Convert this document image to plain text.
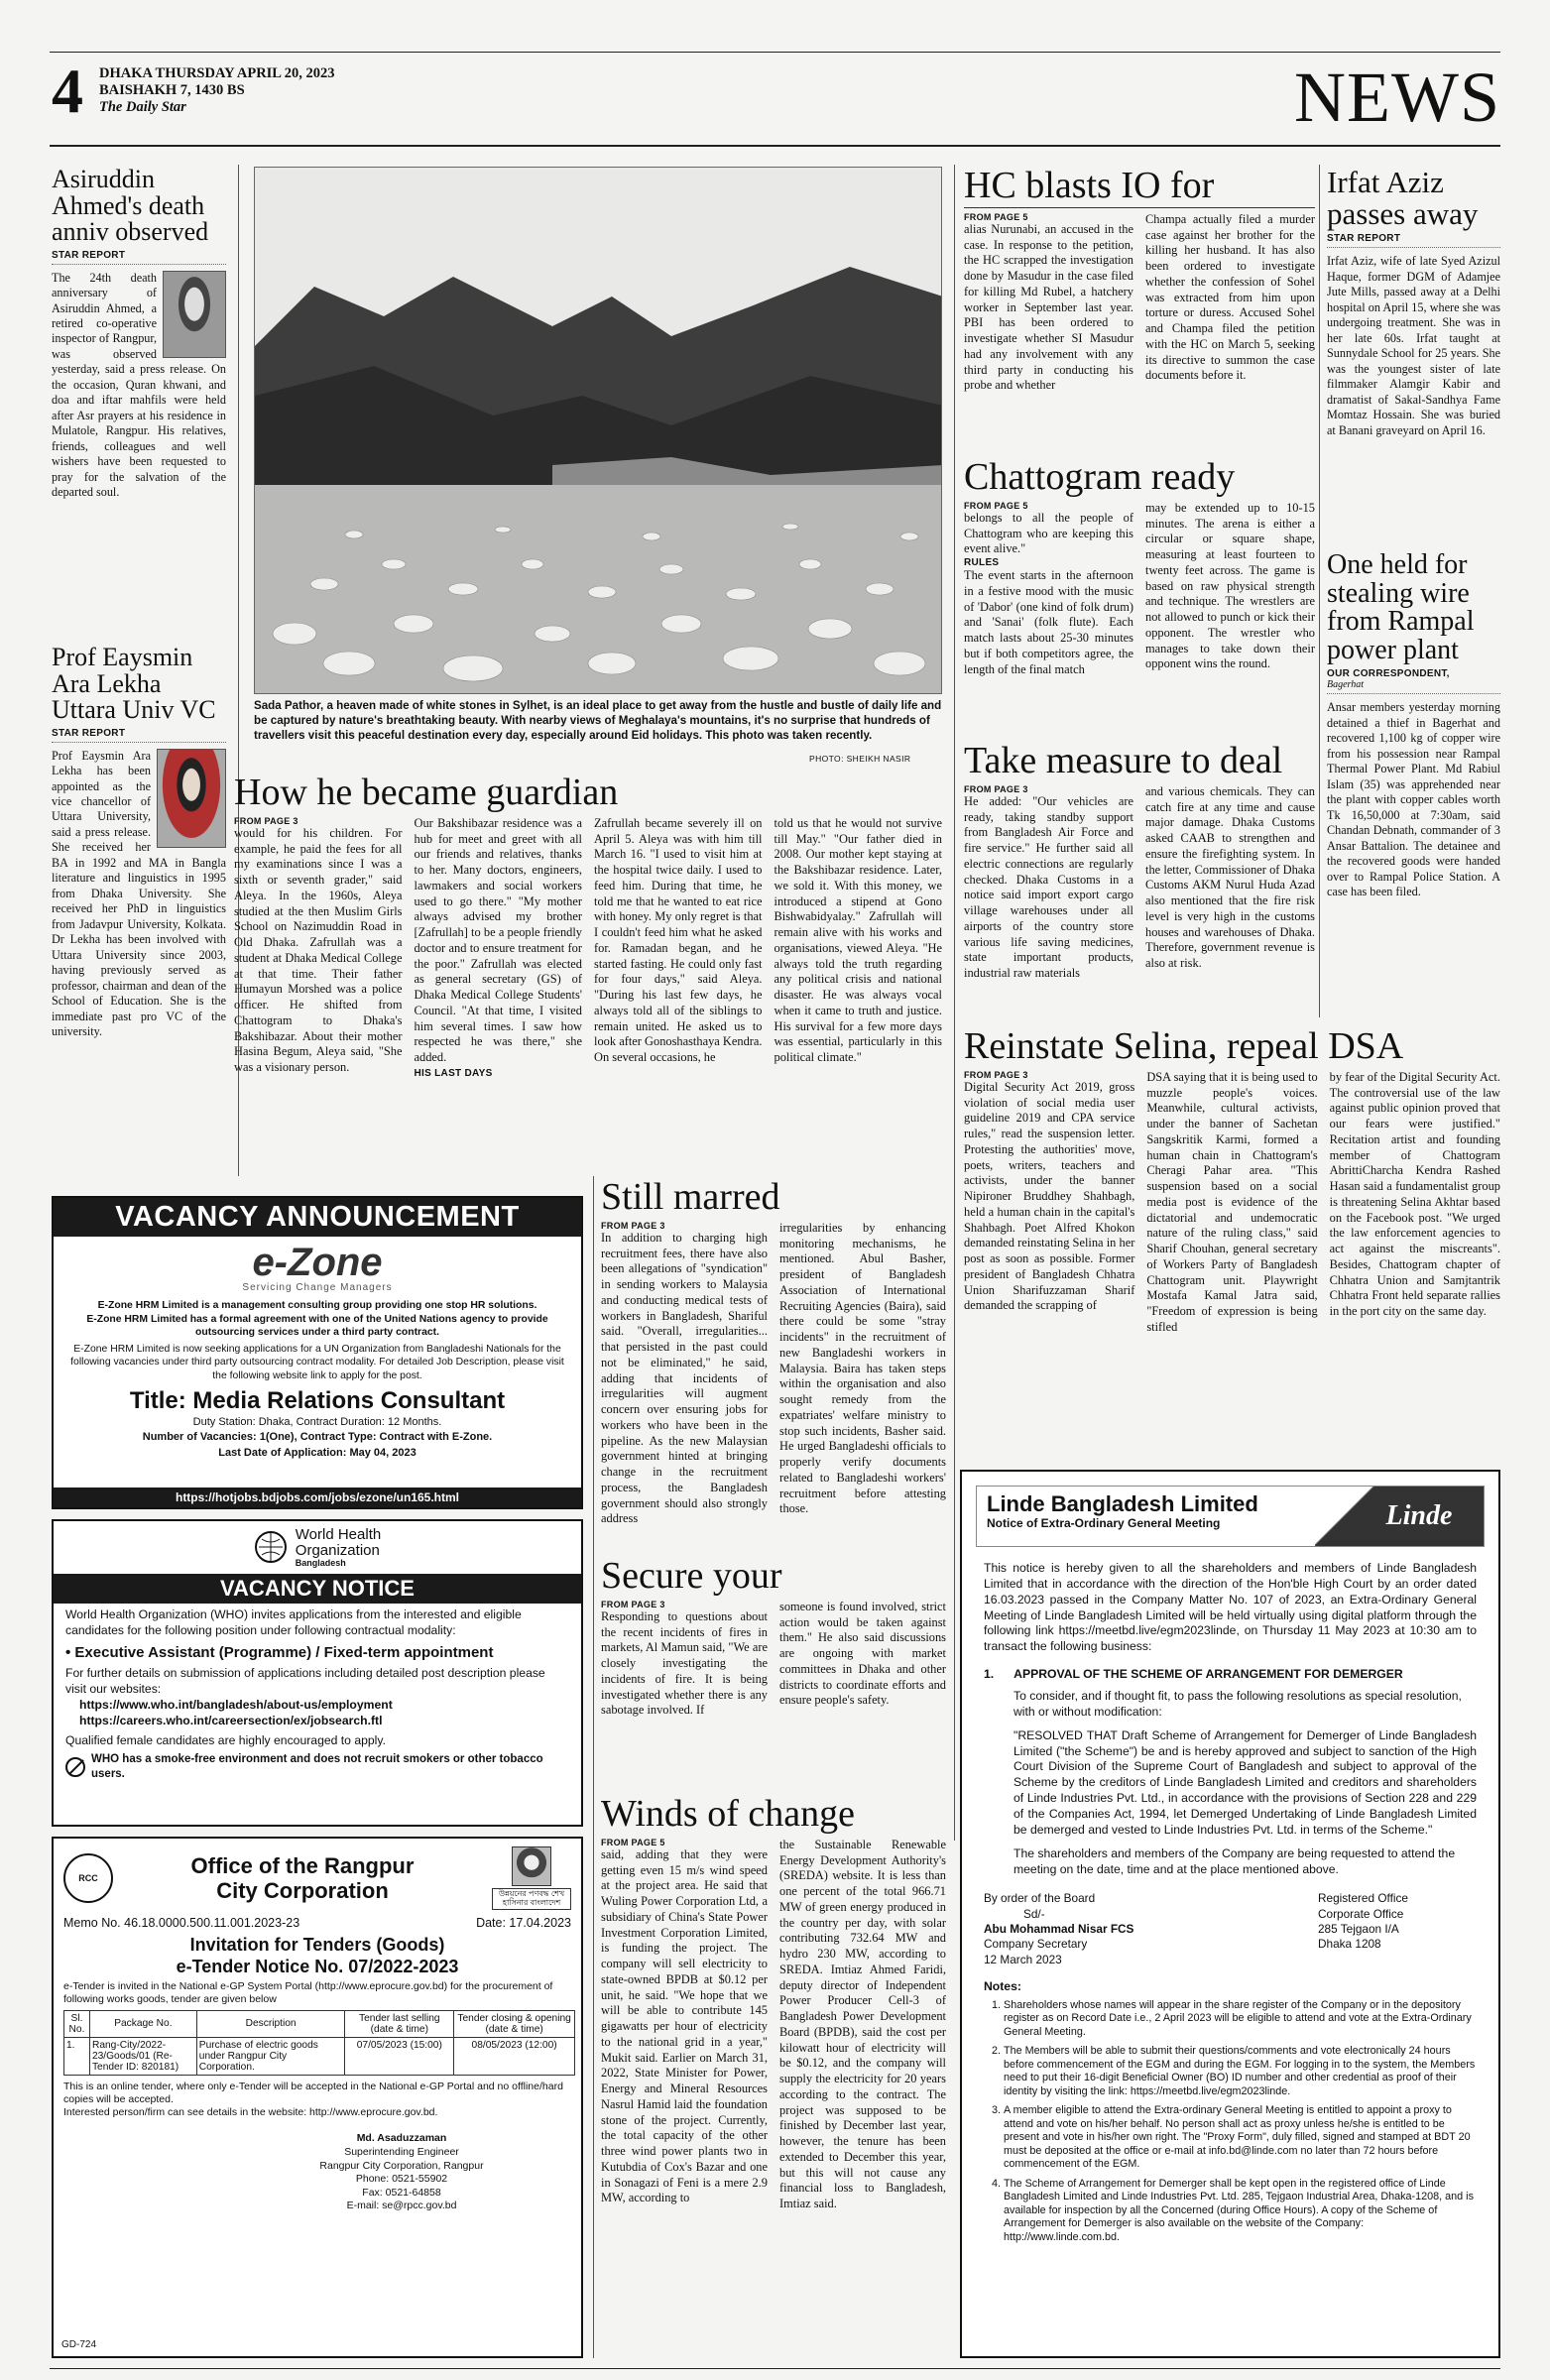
4 DHAKA THURSDAY APRIL 20, 2023
BAISHAKH 7, 1430 BS
The Daily Star	NEWS
Asiruddin Ahmed's death anniv observed
STAR REPORT
The 24th death anniversary of Asiruddin Ahmed, a retired co-operative inspector of Rangpur, was observed yesterday, said a press release. On the occasion, Quran khwani, and doa and iftar mahfils were held after Asr prayers at his residence in Mulatole, Rangpur. His relatives, friends, colleagues and well wishers have been requested to pray for the salvation of the departed soul.
Prof Eaysmin Ara Lekha Uttara Univ VC
STAR REPORT
Prof Eaysmin Ara Lekha has been appointed as the vice chancellor of Uttara University, said a press release. She received her BA in 1992 and MA in Bangla literature and linguistics in 1995 from Dhaka University. She received her PhD in linguistics from Jadavpur University, Kolkata. Dr Lekha has been involved with Uttara University since 2003, having previously served as professor, chairman and dean of the School of Education. She is the immediate past pro VC of the university.
Sada Pathor, a heaven made of white stones in Sylhet, is an ideal place to get away from the hustle and bustle of daily life and be captured by nature's breathtaking beauty. With nearby views of Meghalaya's mountains, it's no surprise that hundreds of travellers visit this peaceful destination every day, especially around Eid holidays. This photo was taken recently.
PHOTO: SHEIKH NASIR
How he became guardian
FROM PAGE 3
would for his children. For example, he paid the fees for all my examinations since I was a sixth or seventh grader," said Aleya. In the 1960s, Aleya studied at the then Muslim Girls School on Nazimuddin Road in Old Dhaka. Zafrullah was a student at Dhaka Medical College at that time. Their father Humayun Morshed was a police officer. He shifted from Chattogram to Dhaka's Bakshibazar. About their mother Hasina Begum, Aleya said, "She was a visionary person.
Our Bakshibazar residence was a hub for meet and greet with all our friends and relatives, thanks to her. Many doctors, engineers, lawmakers and social workers used to go there." "My mother always advised my brother [Zafrullah] to be a people friendly doctor and to ensure treatment for the poor." Zafrullah was elected as general secretary (GS) of Dhaka Medical College Students' Council. "At that time, I visited him several times. I saw how respected he was there," she added.
HIS LAST DAYS
Zafrullah became severely ill on April 5. Aleya was with him till March 16. "I used to visit him at the hospital twice daily. I used to feed him. During that time, he told me that he wanted to eat rice with honey. My only regret is that I couldn't feed him what he asked for. Ramadan began, and he started fasting. He could only fast for four days," said Aleya. "During his last few days, he always told all of the siblings to remain united. He asked us to look after Gonoshasthaya Kendra. On several occasions, he
told us that he would not survive till May." "Our father died in 2008. Our mother kept staying at the Bakshibazar residence. Later, we sold it. With this money, we introduced a stipend at Gono Bishwabidyalay." Zafrullah will remain alive with his works and organisations, viewed Aleya. "He always told the truth regarding any political crisis and national disaster. He was always vocal when it came to truth and justice. His survival for a few more days was essential, particularly in this political climate."
HC blasts IO for
FROM PAGE 5
alias Nurunabi, an accused in the case. In response to the petition, the HC scrapped the investigation done by Masudur in the case filed for killing Md Rubel, a hatchery worker in September last year. PBI has been ordered to investigate whether SI Masudur had any involvement with any third party in conducting his probe and whether
Champa actually filed a murder case against her brother for the killing her husband. It has also been ordered to investigate whether the confession of Sohel was extracted from him upon torture or duress. Accused Sohel and Champa filed the petition with the HC on March 5, seeking its directive to summon the case documents before it.
Chattogram ready
FROM PAGE 5
belongs to all the people of Chattogram who are keeping this event alive."
RULES
The event starts in the afternoon in a festive mood with the music of 'Dabor' (one kind of folk drum) and 'Sanai' (folk flute). Each match lasts about 25-30 minutes but if both competitors agree, the length of the final match
may be extended up to 10-15 minutes. The arena is either a circular or square shape, measuring at least fourteen to twenty feet across. The game is based on raw physical strength and technique. The wrestlers are not allowed to punch or kick their opponent. The wrestler who manages to take down their opponent wins the round.
Irfat Aziz passes away
STAR REPORT
Irfat Aziz, wife of late Syed Azizul Haque, former DGM of Adamjee Jute Mills, passed away at a Delhi hospital on April 15, where she was undergoing treatment. She was in her late 60s. Irfat taught at Sunnydale School for 25 years. She was the youngest sister of late filmmaker Alamgir Kabir and dramatist of Sakal-Sandhya Fame Momtaz Hossain. She was buried at Banani graveyard on April 16.
One held for stealing wire from Rampal power plant
OUR CORRESPONDENT,
Bagerhat
Ansar members yesterday morning detained a thief in Bagerhat and recovered 1,100 kg of copper wire from his possession near Rampal Thermal Power Plant. Md Rabiul Islam (35) was apprehended near the plant with copper cables worth Tk 16,50,000 at 7:30am, said Chandan Debnath, commander of 3 Ansar Battalion. The detainee and the recovered goods were handed over to Rampal Police Station. A case has been filed.
Take measure to deal
FROM PAGE 3
He added: "Our vehicles are ready, taking standby support from Bangladesh Air Force and fire service." He further said all electric connections are regularly checked. Dhaka Customs in a notice said import export cargo village warehouses under all airports of the country store various life saving medicines, state important products, industrial raw materials
and various chemicals. They can catch fire at any time and cause major damage. Dhaka Customs asked CAAB to strengthen and ensure the firefighting system. In the letter, Commissioner of Dhaka Customs AKM Nurul Huda Azad also mentioned that the fire risk level is very high in the customs houses and warehouses of Dhaka. Therefore, government revenue is also at risk.
Reinstate Selina, repeal DSA
FROM PAGE 3
Digital Security Act 2019, gross violation of social media user guideline 2019 and CPA service rules," read the suspension letter. Protesting the authorities' move, poets, writers, teachers and activists, under the banner Nipironer Bruddhey Shahbagh, held a human chain in the capital's Shahbagh. Poet Alfred Khokon demanded reinstating Selina in her post as soon as possible. Former president of Bangladesh Chhatra Union Sharifuzzaman Sharif demanded the scrapping of
DSA saying that it is being used to muzzle people's voices. Meanwhile, cultural activists, under the banner of Sachetan Sangskritik Karmi, formed a human chain in Chattogram's Cheragi Pahar area. "This suspension based on a social media post is evidence of the dictatorial and undemocratic nature of the ruling class," said Sharif Chouhan, general secretary of Workers Party of Bangladesh Chattogram unit. Playwright Mostafa Kamal Jatra said, "Freedom of expression is being stifled
by fear of the Digital Security Act. The controversial use of the law against public opinion proved that our fears were justified." Recitation artist and founding member of Chattogram AbrittiCharcha Kendra Rashed Hasan said a fundamentalist group is threatening Selina Akhtar based on the Facebook post. "We urged the law enforcement agencies to act against the miscreants". Besides, Chattogram chapter of Chhatra Union and Samjtantrik Chhatra Front held separate rallies in the port city on the same day.
Still marred
FROM PAGE 3
In addition to charging high recruitment fees, there have also been allegations of "syndication" in sending workers to Malaysia and conducting medical tests of workers in Bangladesh, Shariful said. "Overall, irregularities... that persisted in the past could not be eliminated," he said, adding that incidents of irregularities will augment concern over ensuring jobs for workers who have been in the pipeline. As the new Malaysian government hinted at bringing change in the recruitment process, the Bangladesh government should also strongly address
irregularities by enhancing monitoring mechanisms, he mentioned. Abul Basher, president of Bangladesh Association of International Recruiting Agencies (Baira), said there could be some "stray incidents" in the recruitment of new Bangladeshi workers in Malaysia. Baira has taken steps within the organisation and also sought remedy from the expatriates' welfare ministry to stop such incidents, Basher said. He urged Bangladeshi officials to properly verify documents related to Bangladeshi workers' recruitment before attesting those.
Secure your
FROM PAGE 3
Responding to questions about the recent incidents of fires in markets, Al Mamun said, "We are closely investigating the incidents of fire. It is being investigated whether there is any sabotage involved. If
someone is found involved, strict action would be taken against them." He also said discussions are ongoing with market committees in Dhaka and other districts to coordinate efforts and ensure people's safety.
Winds of change
FROM PAGE 5
said, adding that they were getting even 15 m/s wind speed at the project area. He said that Wuling Power Corporation Ltd, a subsidiary of China's State Power Investment Corporation Limited, is funding the project. The company will sell electricity to state-owned BPDB at $0.12 per unit, he said. "We hope that we will be able to contribute 145 gigawatts per hour of electricity to the national grid in a year," Mukit said. Earlier on March 31, 2022, State Minister for Power, Energy and Mineral Resources Nasrul Hamid laid the foundation stone of the project. Currently, the total capacity of the other three wind power plants two in Kutubdia of Cox's Bazar and one in Sonagazi of Feni is a mere 2.9 MW, according to
the Sustainable Renewable Energy Development Authority's (SREDA) website. It is less than one percent of the total 966.71 MW of green energy produced in the country per day, with solar contributing 732.64 MW and hydro 230 MW, according to SREDA. Imtiaz Ahmed Faridi, deputy director of Independent Power Producer Cell-3 of Bangladesh Power Development Board (BPDB), said the cost per kilowatt hour of electricity will be $0.12, and the company will supply the electricity for 20 years according to the contract. The project was supposed to be finished by December last year, however, the tenure has been extended to December this year, but this will not cause any financial loss to Bangladesh, Imtiaz said.
VACANCY ANNOUNCEMENT
e-Zone
Servicing Change Managers
E-Zone HRM Limited is a management consulting group providing one stop HR solutions.
E-Zone HRM Limited has a formal agreement with one of the United Nations agency to provide outsourcing services under a third party contract.
E-Zone HRM Limited is now seeking applications for a UN Organization from Bangladeshi Nationals for the following vacancies under third party outsourcing contract modality. For detailed Job Description, please visit the following website link to apply for the post.
Title: Media Relations Consultant
Duty Station: Dhaka, Contract Duration: 12 Months.
Number of Vacancies: 1(One), Contract Type: Contract with E-Zone.
Last Date of Application: May 04, 2023
https://hotjobs.bdjobs.com/jobs/ezone/un165.html
World Health
Organization
Bangladesh
VACANCY NOTICE
World Health Organization (WHO) invites applications from the interested and eligible candidates for the following position under following contractual modality:
• Executive Assistant (Programme) / Fixed-term appointment
For further details on submission of applications including detailed post description please visit our websites:
https://www.who.int/bangladesh/about-us/employment
https://careers.who.int/careersection/ex/jobsearch.ftl
Qualified female candidates are highly encouraged to apply.
WHO has a smoke-free environment and does not recruit smokers or other tobacco users.
RCC
Office of the Rangpur
City Corporation	উন্নয়নের পণবদ্ধ শেখ হাসিনার বাংলাদেশ
Memo No. 46.18.0000.500.11.001.2023-23	Date: 17.04.2023
Invitation for Tenders (Goods)
e-Tender Notice No. 07/2022-2023
e-Tender is invited in the National e-GP System Portal (http://www.eprocure.gov.bd) for the procurement of following works goods, tender are given below
Sl. No.	Package No.	Description	Tender last selling (date & time)	Tender closing & opening (date & time)
1.	Rang-City/2022-23/Goods/01 (Re-Tender ID: 820181)	Purchase of electric goods under Rangpur City Corporation.	07/05/2023 (15:00)	08/05/2023 (12:00)
This is an online tender, where only e-Tender will be accepted in the National e-GP Portal and no offline/hard copies will be accepted.
Interested person/firm can see details in the website: http://www.eprocure.gov.bd.
Md. Asaduzzaman
Superintending Engineer
Rangpur City Corporation, Rangpur
Phone: 0521-55902
Fax: 0521-64858
E-mail: se@rpcc.gov.bd
GD-724
Linde Bangladesh Limited
Notice of Extra-Ordinary General Meeting	Linde
This notice is hereby given to all the shareholders and members of Linde Bangladesh Limited that in accordance with the direction of the Hon'ble High Court by an order dated 16.03.2023 passed in the Company Matter No. 107 of 2023, an Extra-Ordinary General Meeting of Linde Bangladesh Limited will be held virtually using digital platform through the following link https://meetbd.live/egm2023linde, on Thursday 11 May 2023 at 10:30 am to transact the following business:
1. APPROVAL OF THE SCHEME OF ARRANGEMENT FOR DEMERGER
To consider, and if thought fit, to pass the following resolutions as special resolution, with or without modification:
"RESOLVED THAT Draft Scheme of Arrangement for Demerger of Linde Bangladesh Limited ("the Scheme") be and is hereby approved and subject to sanction of the High Court Division of the Supreme Court of Bangladesh and subject to approval of the Scheme by the creditors of Linde Bangladesh Limited and creditors and shareholders of Linde Industries Pvt. Ltd., in accordance with the provisions of Section 228 and 229 of the Companies Act, 1994, let Demerged Undertaking of Linde Bangladesh Limited be demerged and vested to Linde Industries Pvt. Ltd. in terms of the Scheme."
The shareholders and members of the Company are being requested to attend the meeting on the date, time and at the place mentioned above.
By order of the Board
Sd/-
Abu Mohammad Nisar FCS
Company Secretary
12 March 2023
Registered Office
Corporate Office
285 Tejgaon I/A
Dhaka 1208
Notes:
1. Shareholders whose names will appear in the share register of the Company or in the depository register as on Record Date i.e., 2 April 2023 will be eligible to attend and vote at the Extra-Ordinary General Meeting.
2. The Members will be able to submit their questions/comments and vote electronically 24 hours before commencement of the EGM and during the EGM. For logging in to the system, the Members need to put their 16-digit Beneficial Owner (BO) ID number and other credential as proof of their identity by visiting the link: https://meetbd.live/egm2023linde.
3. A member eligible to attend the Extra-ordinary General Meeting is entitled to appoint a proxy to attend and vote on his/her behalf. No person shall act as proxy unless he/she is entitled to be present and vote in his/her own right. The "Proxy Form", duly filled, signed and stamped at BDT 20 must be deposited at the office or e-mail at info.bd@linde.com no later than 72 hours before commencement of the EGM.
4. The Scheme of Arrangement for Demerger shall be kept open in the registered office of Linde Bangladesh Limited and Linde Industries Pvt. Ltd. 285, Tejgaon Industrial Area, Dhaka-1208, and is available for inspection by all the Concerned (during Office Hours). A copy of the Scheme of Arrangement for Demerger is also available on the website of the Company: http://www.linde.com.bd.
